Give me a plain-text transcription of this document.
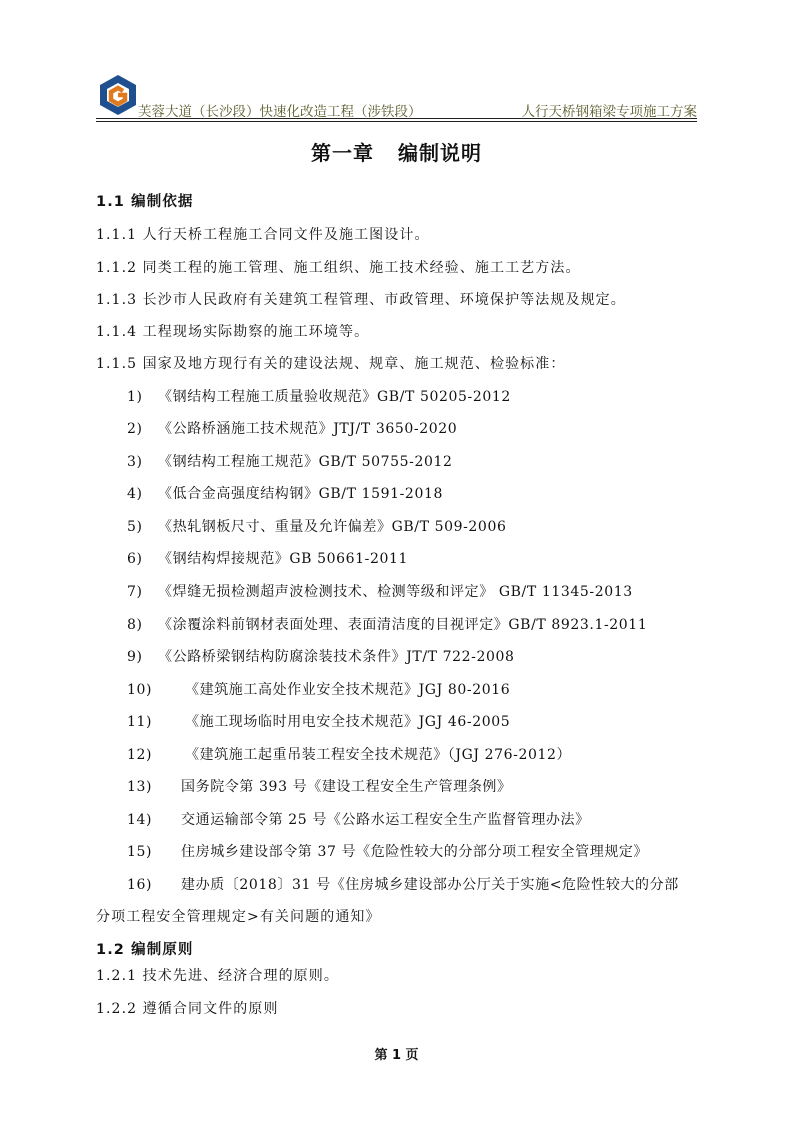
芙蓉大道（长沙段）快速化改造工程（涉铁段）	人行天桥钢箱梁专项施工方案
第一章 编制说明
1.1 编制依据
1.1.1 人行天桥工程施工合同文件及施工图设计。
1.1.2 同类工程的施工管理、施工组织、施工技术经验、施工工艺方法。
1.1.3 长沙市人民政府有关建筑工程管理、市政管理、环境保护等法规及规定。
1.1.4 工程现场实际勘察的施工环境等。
1.1.5 国家及地方现行有关的建设法规、规章、施工规范、检验标准：
1) 《钢结构工程施工质量验收规范》GB/T 50205-2012
2) 《公路桥涵施工技术规范》JTJ/T 3650-2020
3) 《钢结构工程施工规范》GB/T 50755-2012
4) 《低合金高强度结构钢》GB/T 1591-2018
5) 《热轧钢板尺寸、重量及允许偏差》GB/T 509-2006
6) 《钢结构焊接规范》GB 50661-2011
7) 《焊缝无损检测超声波检测技术、检测等级和评定》 GB/T 11345-2013
8) 《涂覆涂料前钢材表面处理、表面清洁度的目视评定》GB/T 8923.1-2011
9) 《公路桥梁钢结构防腐涂装技术条件》JT/T 722-2008
10) 《建筑施工高处作业安全技术规范》JGJ 80-2016
11) 《施工现场临时用电安全技术规范》JGJ 46-2005
12) 《建筑施工起重吊装工程安全技术规范》（JGJ 276-2012）
13) 国务院令第 393 号《建设工程安全生产管理条例》
14) 交通运输部令第 25 号《公路水运工程安全生产监督管理办法》
15) 住房城乡建设部令第 37 号《危险性较大的分部分项工程安全管理规定》
16) 建办质〔2018〕31 号《住房城乡建设部办公厅关于实施<危险性较大的分部
分项工程安全管理规定>有关问题的通知》
1.2 编制原则
1.2.1 技术先进、经济合理的原则。
1.2.2 遵循合同文件的原则
第 1 页
